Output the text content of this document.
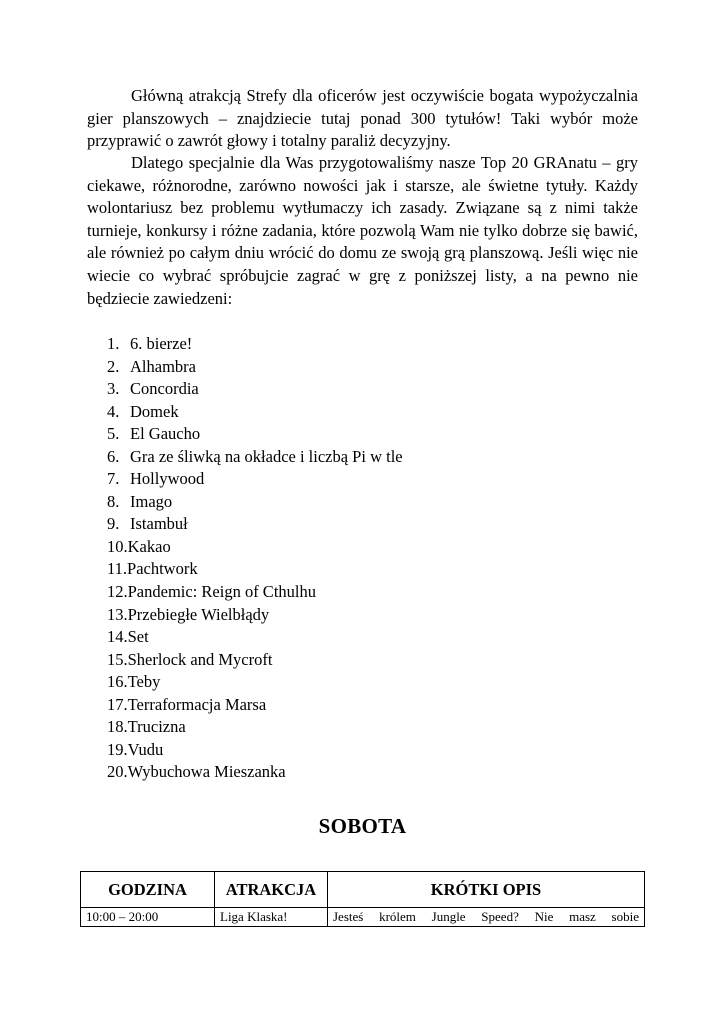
Główną atrakcją Strefy dla oficerów jest oczywiście bogata wypożyczalnia gier planszowych – znajdziecie tutaj ponad 300 tytułów! Taki wybór może przyprawić o zawrót głowy i totalny paraliż decyzyjny.

Dlatego specjalnie dla Was przygotowaliśmy nasze Top 20 GRAnatu – gry ciekawe, różnorodne, zarówno nowości jak i starsze, ale świetne tytuły. Każdy wolontariusz bez problemu wytłumaczy ich zasady. Związane są z nimi także turnieje, konkursy i różne zadania, które pozwolą Wam nie tylko dobrze się bawić, ale również po całym dniu wrócić do domu ze swoją grą planszową. Jeśli więc nie wiecie co wybrać spróbujcie zagrać w grę z poniższej listy, a na pewno nie będziecie zawiedzeni:

1. 6. bierze!
2. Alhambra
3. Concordia
4. Domek
5. El Gaucho
6. Gra ze śliwką na okładce i liczbą Pi w tle
7. Hollywood
8. Imago
9. Istambuł
10. Kakao
11. Pachtwork
12. Pandemic: Reign of Cthulhu
13. Przebiegłe Wielbłądy
14. Set
15. Sherlock and Mycroft
16. Teby
17. Terraformacja Marsa
18. Trucizna
19. Vudu
20. Wybuchowa Mieszanka
SOBOTA
GODZINA	ATRAKCJA	KRÓTKI OPIS
10:00 – 20:00	Liga Klaska!	Jesteś królem Jungle Speed? Nie masz sobie
